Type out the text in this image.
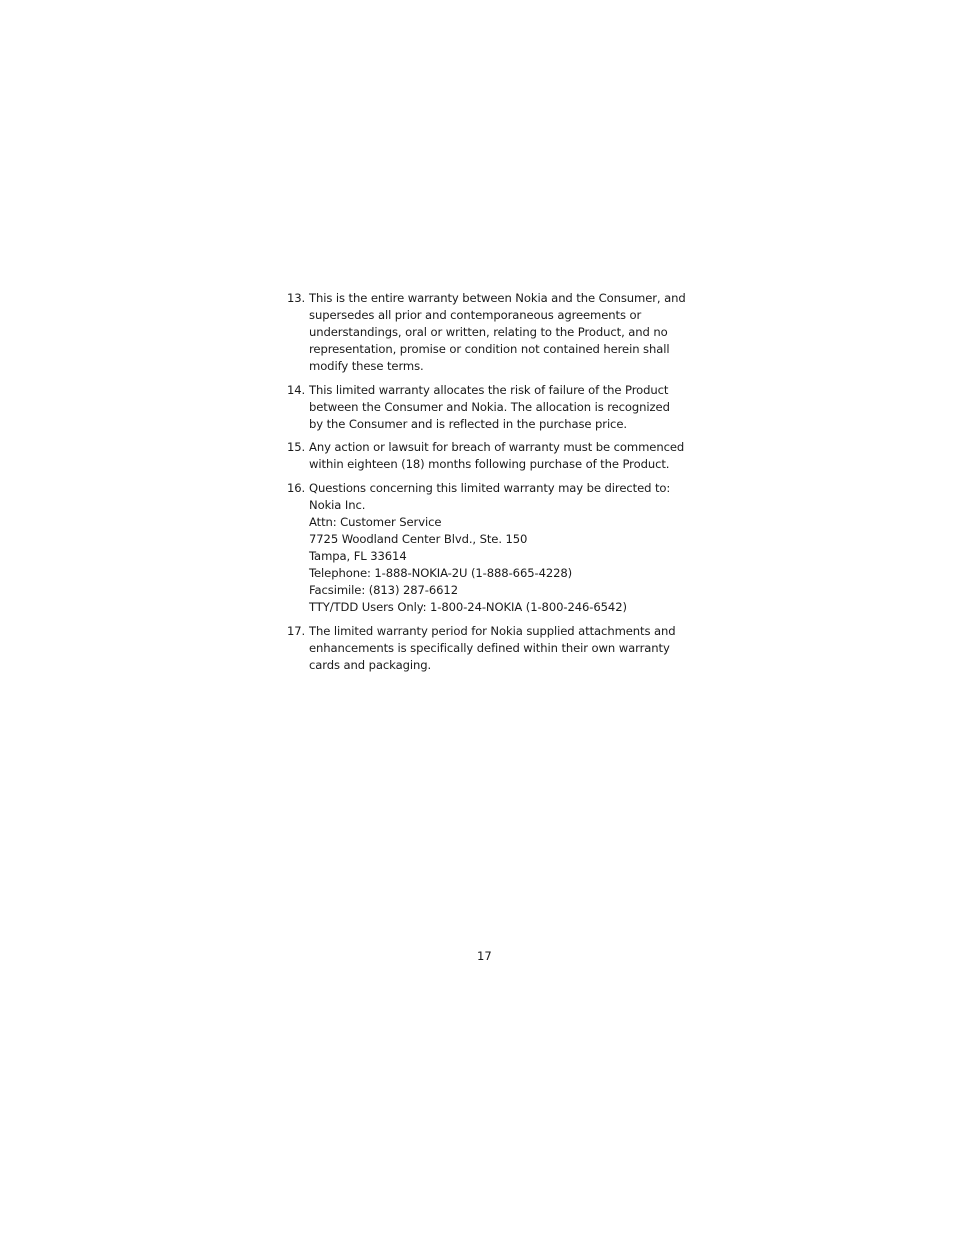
13. This is the entire warranty between Nokia and the Consumer, and supersedes all prior and contemporaneous agreements or understandings, oral or written, relating to the Product, and no representation, promise or condition not contained herein shall modify these terms.
14. This limited warranty allocates the risk of failure of the Product between the Consumer and Nokia. The allocation is recognized by the Consumer and is reflected in the purchase price.
15. Any action or lawsuit for breach of warranty must be commenced within eighteen (18) months following purchase of the Product.
16. Questions concerning this limited warranty may be directed to:
Nokia Inc.
Attn: Customer Service
7725 Woodland Center Blvd., Ste. 150
Tampa, FL 33614
Telephone: 1-888-NOKIA-2U (1-888-665-4228)
Facsimile: (813) 287-6612
TTY/TDD Users Only: 1-800-24-NOKIA (1-800-246-6542)
17. The limited warranty period for Nokia supplied attachments and enhancements is specifically defined within their own warranty cards and packaging.
17
